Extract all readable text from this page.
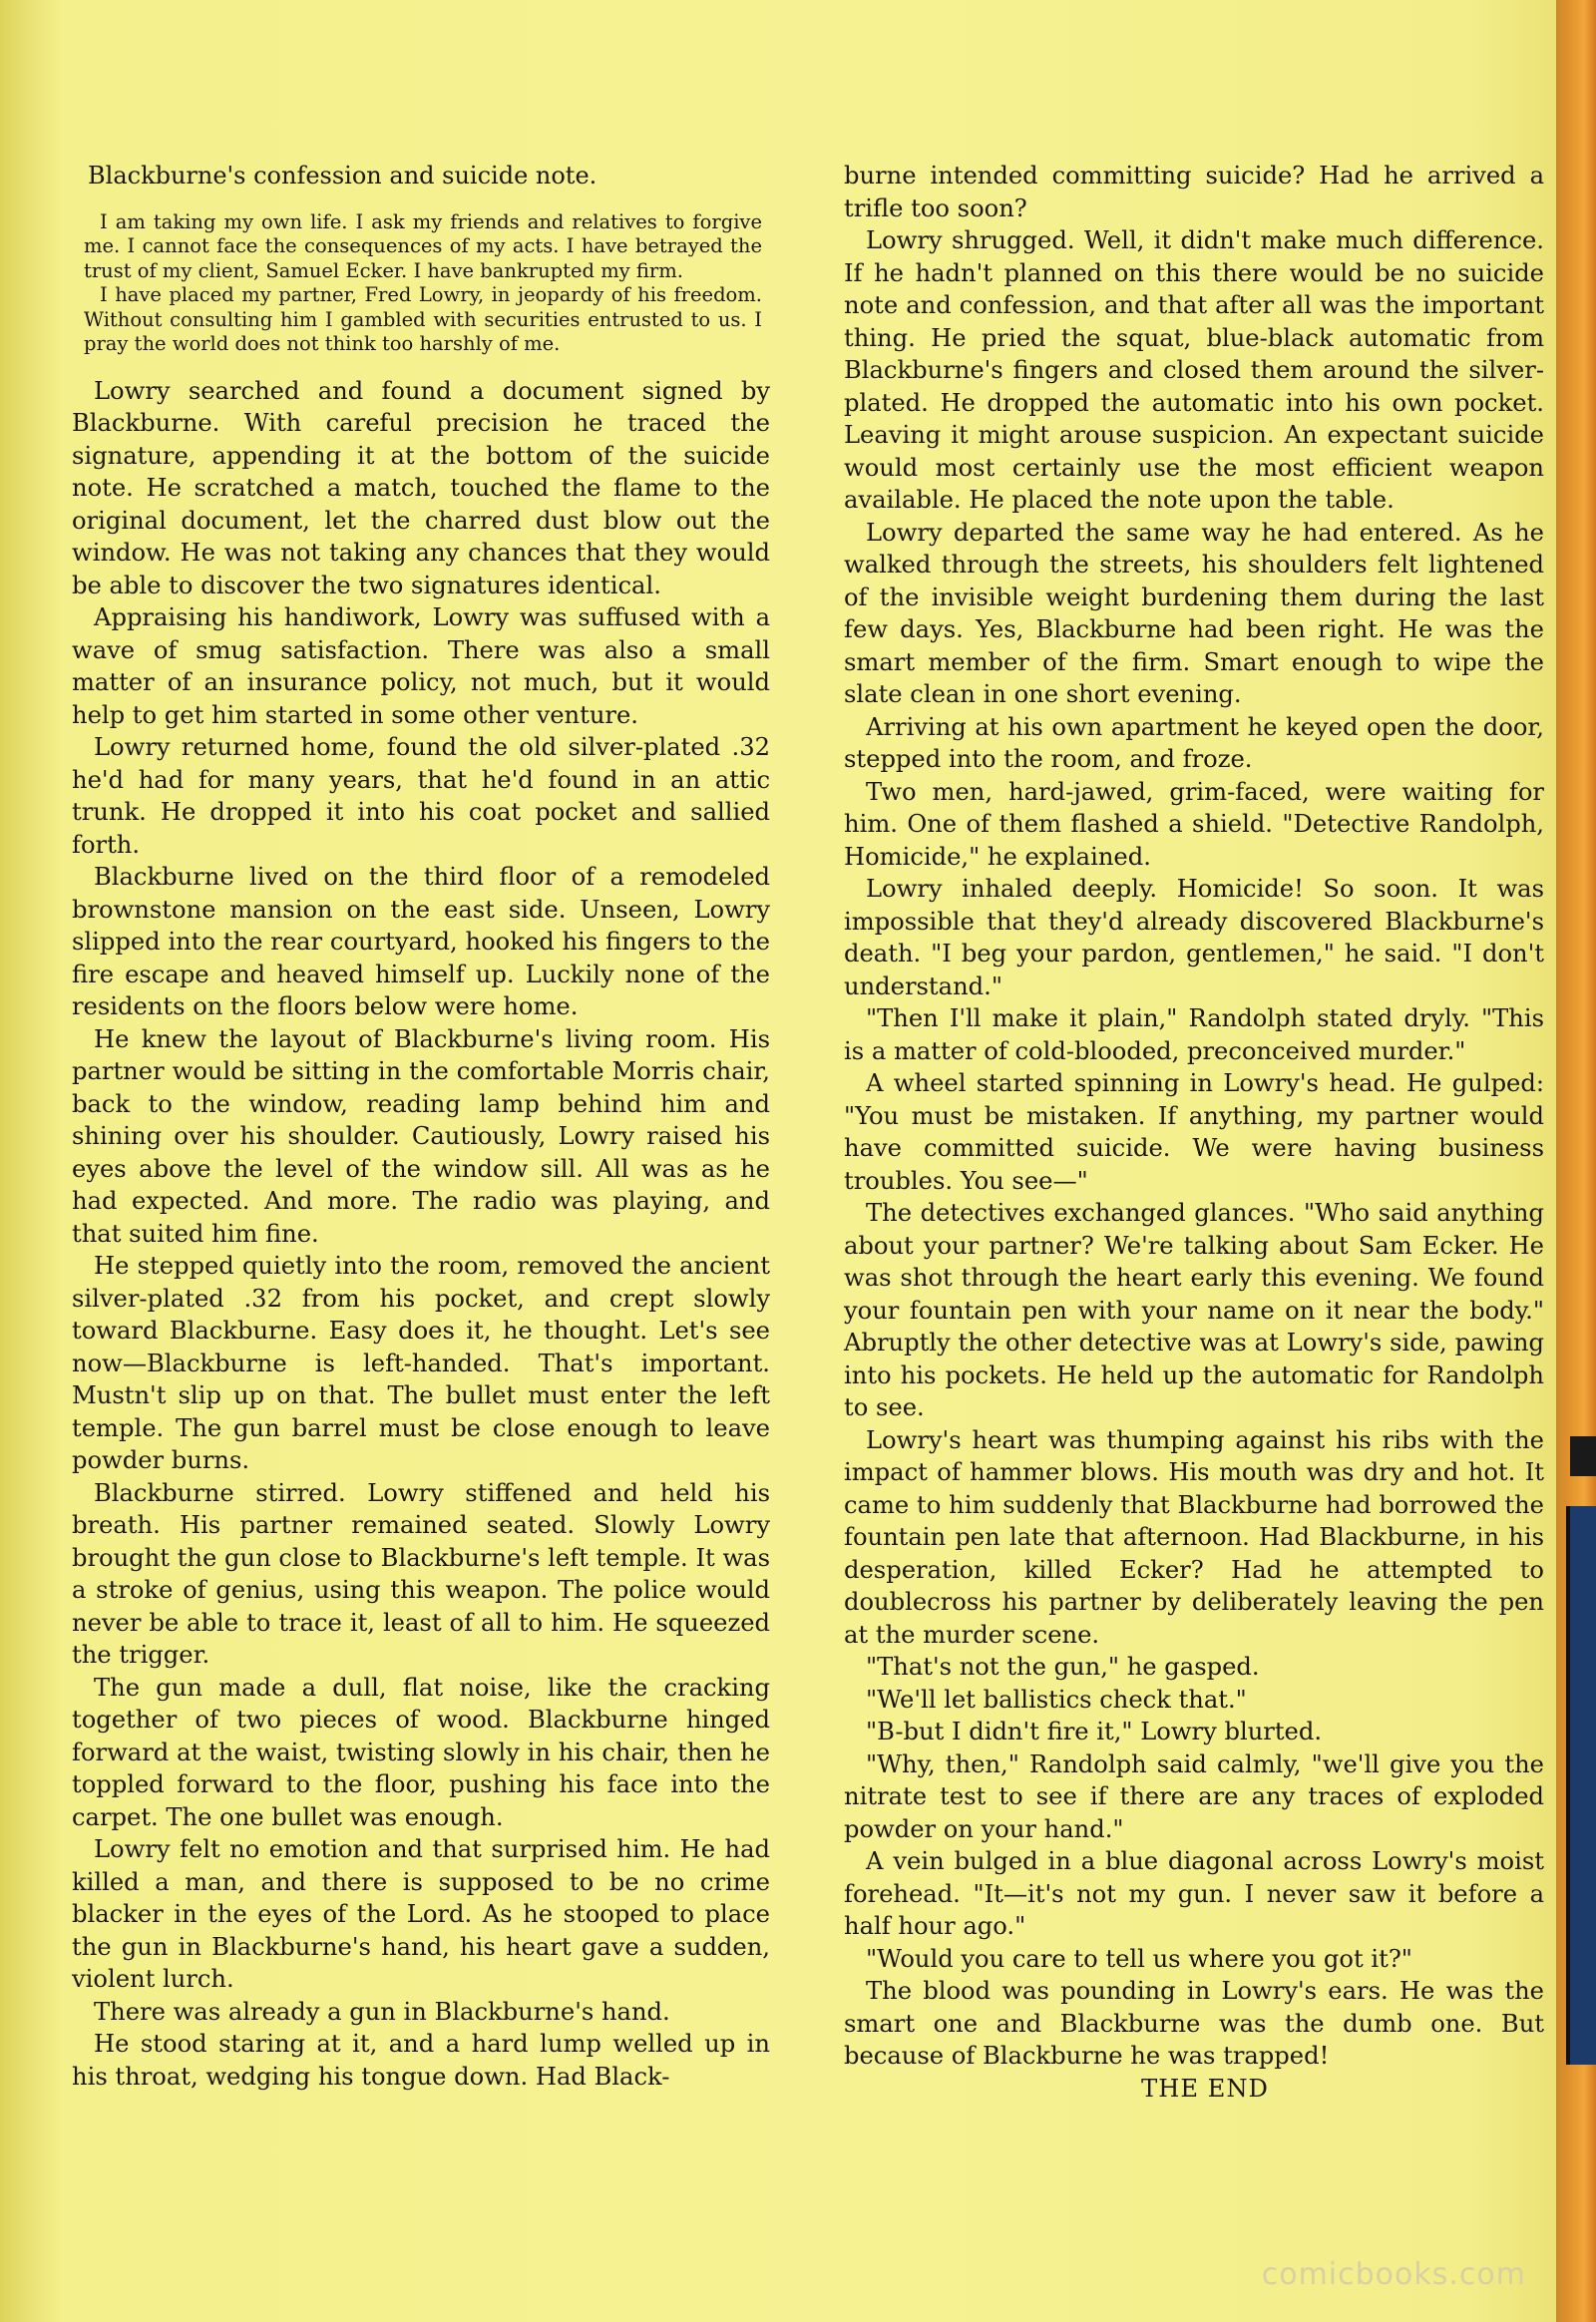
Blackburne's confession and suicide note.

I am taking my own life. I ask my friends and relatives to forgive me. I cannot face the consequences of my acts. I have betrayed the trust of my client, Samuel Ecker. I have bankrupted my firm.

I have placed my partner, Fred Lowry, in jeopardy of his freedom. Without consulting him I gambled with securities entrusted to us. I pray the world does not think too harshly of me.

Lowry searched and found a document signed by Blackburne. With careful precision he traced the signature, appending it at the bottom of the suicide note. He scratched a match, touched the flame to the original document, let the charred dust blow out the window. He was not taking any chances that they would be able to discover the two signatures identical.

Appraising his handiwork, Lowry was suffused with a wave of smug satisfaction. There was also a small matter of an insurance policy, not much, but it would help to get him started in some other venture.

Lowry returned home, found the old silver-plated .32 he'd had for many years, that he'd found in an attic trunk. He dropped it into his coat pocket and sallied forth.

Blackburne lived on the third floor of a remodeled brownstone mansion on the east side. Unseen, Lowry slipped into the rear courtyard, hooked his fingers to the fire escape and heaved himself up. Luckily none of the residents on the floors below were home.

He knew the layout of Blackburne's living room. His partner would be sitting in the comfortable Morris chair, back to the window, reading lamp behind him and shining over his shoulder. Cautiously, Lowry raised his eyes above the level of the window sill. All was as he had expected. And more. The radio was playing, and that suited him fine.

He stepped quietly into the room, removed the ancient silver-plated .32 from his pocket, and crept slowly toward Blackburne. Easy does it, he thought. Let's see now—Blackburne is left-handed. That's important. Mustn't slip up on that. The bullet must enter the left temple. The gun barrel must be close enough to leave powder burns.

Blackburne stirred. Lowry stiffened and held his breath. His partner remained seated. Slowly Lowry brought the gun close to Blackburne's left temple. It was a stroke of genius, using this weapon. The police would never be able to trace it, least of all to him. He squeezed the trigger.

The gun made a dull, flat noise, like the cracking together of two pieces of wood. Blackburne hinged forward at the waist, twisting slowly in his chair, then he toppled forward to the floor, pushing his face into the carpet. The one bullet was enough.

Lowry felt no emotion and that surprised him. He had killed a man, and there is supposed to be no crime blacker in the eyes of the Lord. As he stooped to place the gun in Blackburne's hand, his heart gave a sudden, violent lurch.

There was already a gun in Blackburne's hand.

He stood staring at it, and a hard lump welled up in his throat, wedging his tongue down. Had Black-

burne intended committing suicide? Had he arrived a trifle too soon?

Lowry shrugged. Well, it didn't make much difference. If he hadn't planned on this there would be no suicide note and confession, and that after all was the important thing. He pried the squat, blue-black automatic from Blackburne's fingers and closed them around the silver-plated. He dropped the automatic into his own pocket. Leaving it might arouse suspicion. An expectant suicide would most certainly use the most efficient weapon available. He placed the note upon the table.

Lowry departed the same way he had entered. As he walked through the streets, his shoulders felt lightened of the invisible weight burdening them during the last few days. Yes, Blackburne had been right. He was the smart member of the firm. Smart enough to wipe the slate clean in one short evening.

Arriving at his own apartment he keyed open the door, stepped into the room, and froze.

Two men, hard-jawed, grim-faced, were waiting for him. One of them flashed a shield. "Detective Randolph, Homicide," he explained.

Lowry inhaled deeply. Homicide! So soon. It was impossible that they'd already discovered Blackburne's death. "I beg your pardon, gentlemen," he said. "I don't understand."

"Then I'll make it plain," Randolph stated dryly. "This is a matter of cold-blooded, preconceived murder."

A wheel started spinning in Lowry's head. He gulped: "You must be mistaken. If anything, my partner would have committed suicide. We were having business troubles. You see—"

The detectives exchanged glances. "Who said anything about your partner? We're talking about Sam Ecker. He was shot through the heart early this evening. We found your fountain pen with your name on it near the body." Abruptly the other detective was at Lowry's side, pawing into his pockets. He held up the automatic for Randolph to see.

Lowry's heart was thumping against his ribs with the impact of hammer blows. His mouth was dry and hot. It came to him suddenly that Blackburne had borrowed the fountain pen late that afternoon. Had Blackburne, in his desperation, killed Ecker? Had he attempted to doublecross his partner by deliberately leaving the pen at the murder scene.

"That's not the gun," he gasped.

"We'll let ballistics check that."

"B-but I didn't fire it," Lowry blurted.

"Why, then," Randolph said calmly, "we'll give you the nitrate test to see if there are any traces of exploded powder on your hand."

A vein bulged in a blue diagonal across Lowry's moist forehead. "It—it's not my gun. I never saw it before a half hour ago."

"Would you care to tell us where you got it?"

The blood was pounding in Lowry's ears. He was the smart one and Blackburne was the dumb one. But because of Blackburne he was trapped!

THE END

comicbooks.com
